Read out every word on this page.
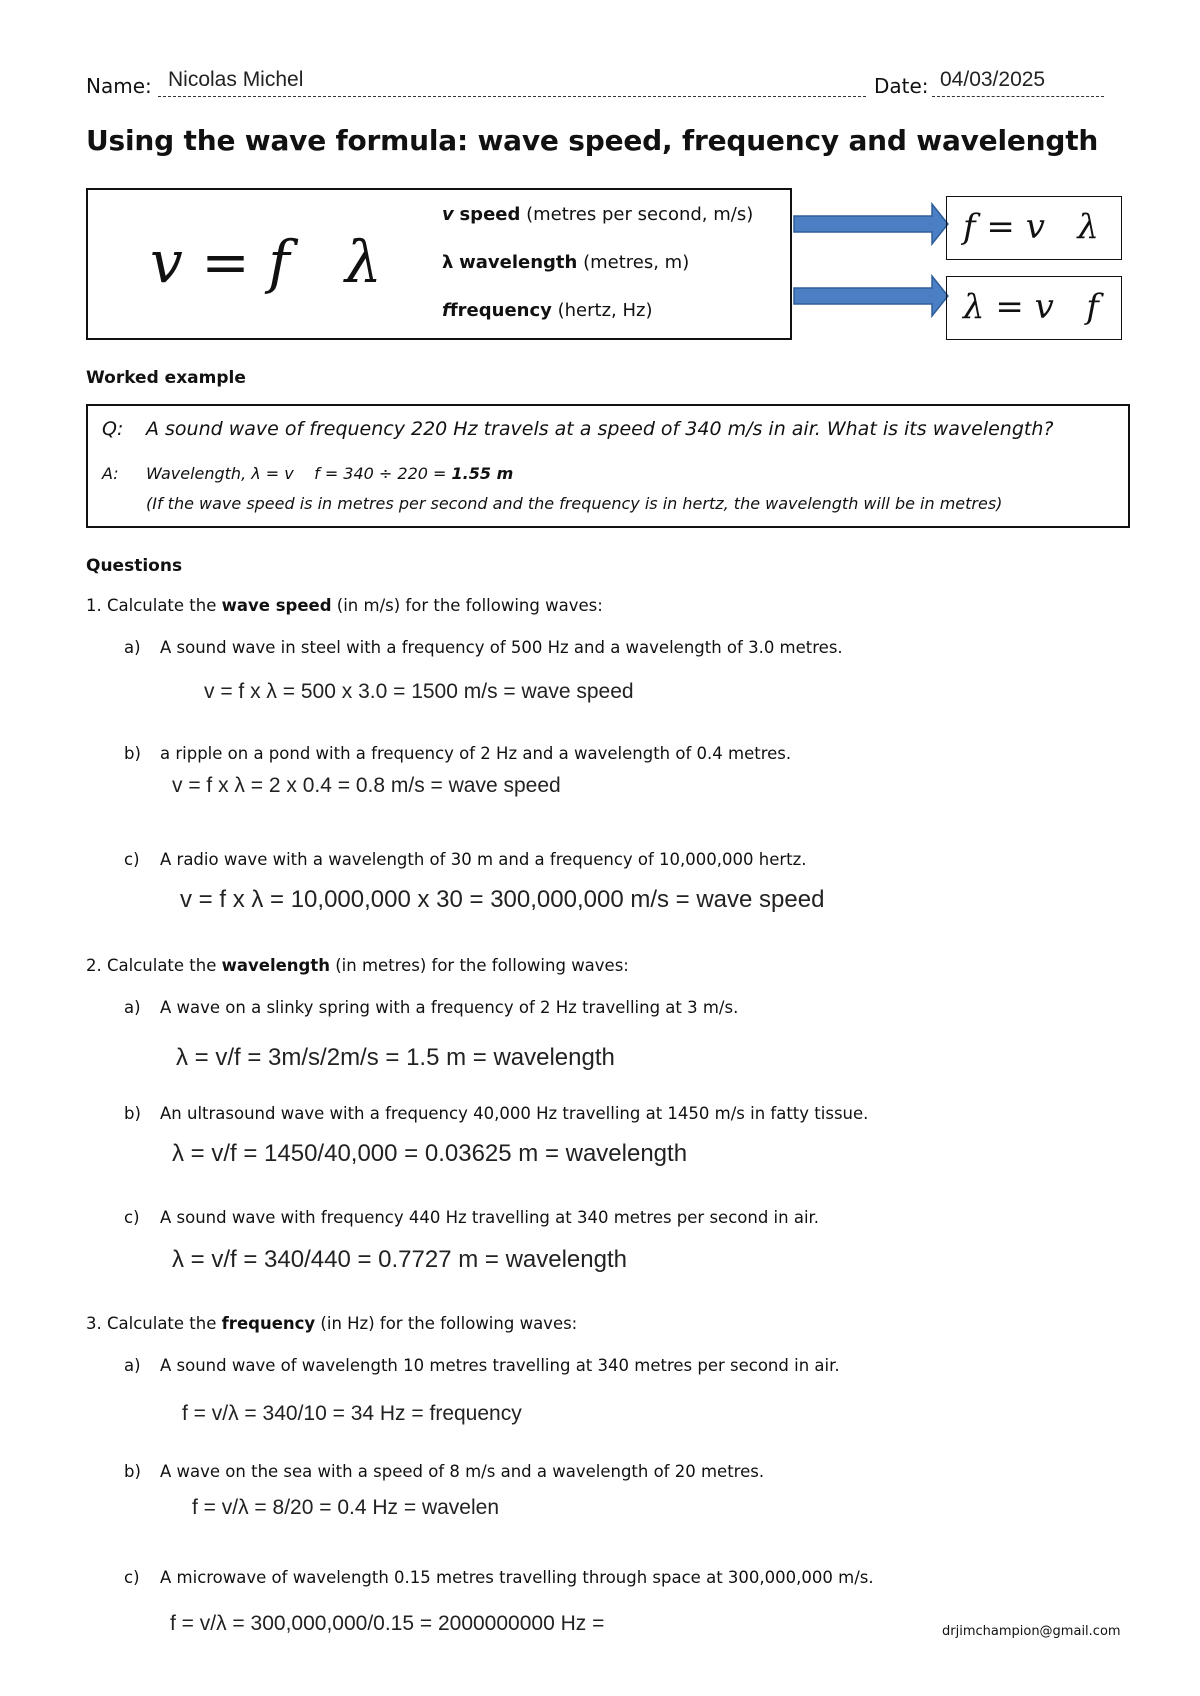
Name: Nicolas Michel	Date: 04/03/2025
Using the wave formula: wave speed, frequency and wavelength
v = f   λ
v speed (metres per second, m/s)
λ wavelength (metres, m)
ffrequency (hertz, Hz)
f = v   λ
λ = v   f
Worked example
Q: A sound wave of frequency 220 Hz travels at a speed of 340 m/s in air. What is its wavelength?
A: Wavelength, λ = v    f = 340 ÷ 220 = 1.55 m
(If the wave speed is in metres per second and the frequency is in hertz, the wavelength will be in metres)
Questions
1. Calculate the wave speed (in m/s) for the following waves:
a) A sound wave in steel with a frequency of 500 Hz and a wavelength of 3.0 metres.
v = f x λ = 500 x 3.0 = 1500 m/s = wave speed
b) a ripple on a pond with a frequency of 2 Hz and a wavelength of 0.4 metres.
v = f x λ = 2 x 0.4 = 0.8 m/s = wave speed
c) A radio wave with a wavelength of 30 m and a frequency of 10,000,000 hertz.
v = f x λ = 10,000,000 x 30 = 300,000,000 m/s = wave speed
2. Calculate the wavelength (in metres) for the following waves:
a) A wave on a slinky spring with a frequency of 2 Hz travelling at 3 m/s.
λ = v/f = 3m/s/2m/s = 1.5 m = wavelength
b) An ultrasound wave with a frequency 40,000 Hz travelling at 1450 m/s in fatty tissue.
λ = v/f = 1450/40,000 = 0.03625 m = wavelength
c) A sound wave with frequency 440 Hz travelling at 340 metres per second in air.
λ = v/f = 340/440 = 0.7727 m = wavelength
3. Calculate the frequency (in Hz) for the following waves:
a) A sound wave of wavelength 10 metres travelling at 340 metres per second in air.
f = v/λ = 340/10 = 34 Hz = frequency
b) A wave on the sea with a speed of 8 m/s and a wavelength of 20 metres.
f = v/λ = 8/20 = 0.4 Hz = wavelen
c) A microwave of wavelength 0.15 metres travelling through space at 300,000,000 m/s.
f = v/λ = 300,000,000/0.15 = 2000000000 Hz =	drjimchampion@gmail.com
